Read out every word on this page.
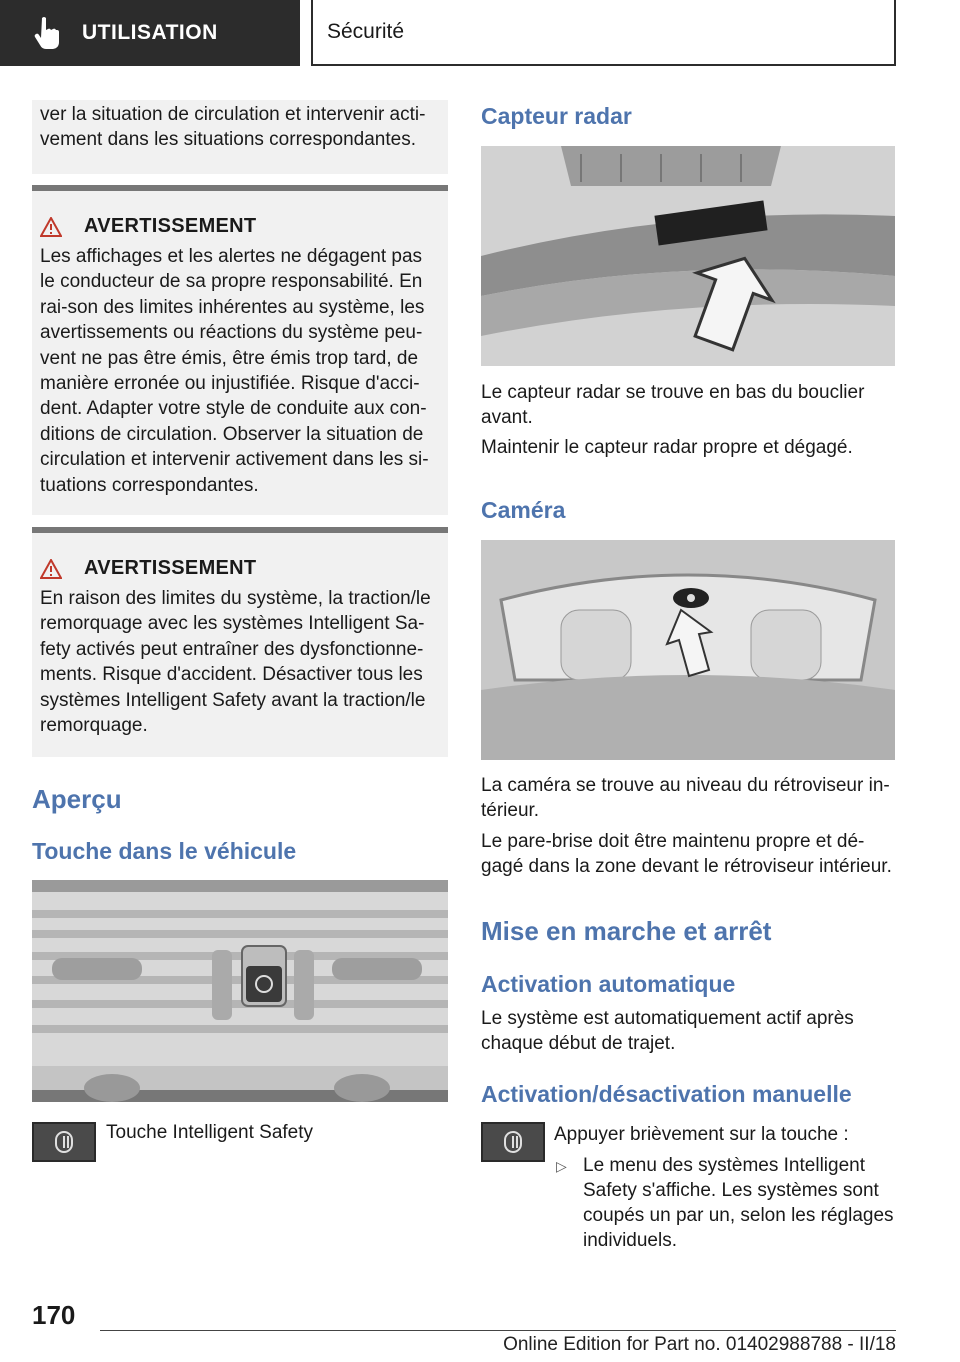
UTILISATION	Sécurité
ver la situation de circulation et intervenir acti-vement dans les situations correspondantes.
AVERTISSEMENT
Les affichages et les alertes ne dégagent pas le conducteur de sa propre responsabilité. En rai-son des limites inhérentes au système, les avertissements ou réactions du système peu-vent ne pas être émis, être émis trop tard, de manière erronée ou injustifiée. Risque d'acci-dent. Adapter votre style de conduite aux con-ditions de circulation. Observer la situation de circulation et intervenir activement dans les si-tuations correspondantes.
AVERTISSEMENT
En raison des limites du système, la traction/le remorquage avec les systèmes Intelligent Sa-fety activés peut entraîner des dysfonctionne-ments. Risque d'accident. Désactiver tous les systèmes Intelligent Safety avant la traction/le remorquage.
Aperçu
Touche dans le véhicule
Touche Intelligent Safety
Capteur radar
Le capteur radar se trouve en bas du bouclier avant.
Maintenir le capteur radar propre et dégagé.
Caméra
La caméra se trouve au niveau du rétroviseur in-térieur.
Le pare-brise doit être maintenu propre et dé-gagé dans la zone devant le rétroviseur intérieur.
Mise en marche et arrêt
Activation automatique
Le système est automatiquement actif après chaque début de trajet.
Activation/désactivation manuelle
Appuyer brièvement sur la touche :
▷ Le menu des systèmes Intelligent Safety s'affiche. Les systèmes sont coupés un par un, selon les réglages individuels.
170
Online Edition for Part no. 01402988788 - II/18
